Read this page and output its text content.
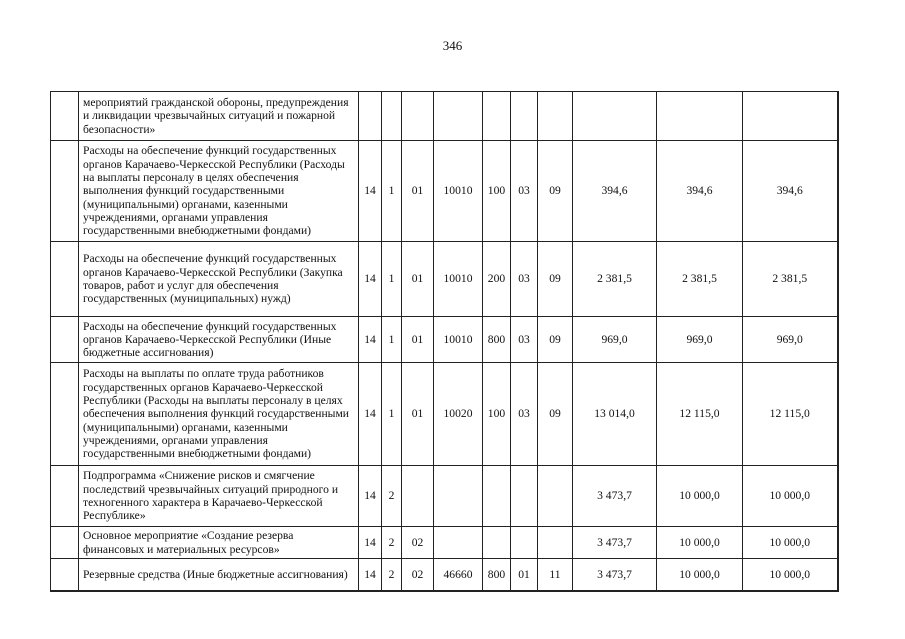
346
	мероприятий гражданской обороны, предупреждения и ликвидации чрезвычайных ситуаций и пожарной безопасности»										
	Расходы на обеспечение функций государственных органов Карачаево-Черкесской Республики (Расходы на выплаты персоналу в целях обеспечения выполнения функций государственными (муниципальными) органами, казенными учреждениями, органами управления государственными внебюджетными фондами)	14	1	01	10010	100	03	09	394,6	394,6	394,6
	Расходы на обеспечение функций государственных органов Карачаево-Черкесской Республики (Закупка товаров, работ и услуг для обеспечения государственных (муниципальных) нужд)	14	1	01	10010	200	03	09	2 381,5	2 381,5	2 381,5
	Расходы на обеспечение функций государственных органов Карачаево-Черкесской Республики (Иные бюджетные ассигнования)	14	1	01	10010	800	03	09	969,0	969,0	969,0
	Расходы на выплаты по оплате труда работников государственных органов Карачаево-Черкесской Республики (Расходы на выплаты персоналу в целях обеспечения выполнения функций государственными (муниципальными) органами, казенными учреждениями, органами управления государственными внебюджетными фондами)	14	1	01	10020	100	03	09	13 014,0	12 115,0	12 115,0
	Подпрограмма «Снижение рисков и смягчение последствий чрезвычайных ситуаций природного и техногенного характера в Карачаево-Черкесской Республике»	14	2						3 473,7	10 000,0	10 000,0
	Основное мероприятие «Создание резерва финансовых и материальных ресурсов»	14	2	02					3 473,7	10 000,0	10 000,0
	Резервные средства (Иные бюджетные ассигнования)	14	2	02	46660	800	01	11	3 473,7	10 000,0	10 000,0
